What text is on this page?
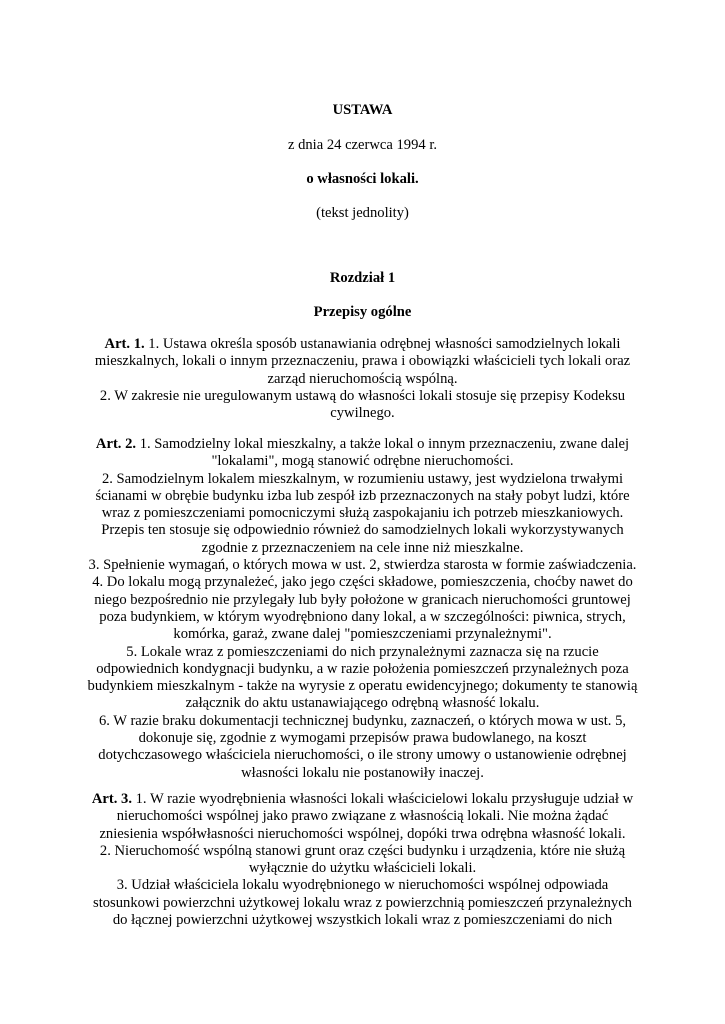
USTAWA
z dnia 24 czerwca 1994 r.
o własności lokali.
(tekst jednolity)
Rozdział 1
Przepisy ogólne
Art. 1. 1. Ustawa określa sposób ustanawiania odrębnej własności samodzielnych lokali
mieszkalnych, lokali o innym przeznaczeniu, prawa i obowiązki właścicieli tych lokali oraz
zarząd nieruchomością wspólną.
2. W zakresie nie uregulowanym ustawą do własności lokali stosuje się przepisy Kodeksu
cywilnego.
Art. 2. 1. Samodzielny lokal mieszkalny, a także lokal o innym przeznaczeniu, zwane dalej
"lokalami", mogą stanowić odrębne nieruchomości.
2. Samodzielnym lokalem mieszkalnym, w rozumieniu ustawy, jest wydzielona trwałymi
ścianami w obrębie budynku izba lub zespół izb przeznaczonych na stały pobyt ludzi, które
wraz z pomieszczeniami pomocniczymi służą zaspokajaniu ich potrzeb mieszkaniowych.
Przepis ten stosuje się odpowiednio również do samodzielnych lokali wykorzystywanych
zgodnie z przeznaczeniem na cele inne niż mieszkalne.
3. Spełnienie wymagań, o których mowa w ust. 2, stwierdza starosta w formie zaświadczenia.
4. Do lokalu mogą przynależeć, jako jego części składowe, pomieszczenia, choćby nawet do
niego bezpośrednio nie przylegały lub były położone w granicach nieruchomości gruntowej
poza budynkiem, w którym wyodrębniono dany lokal, a w szczególności: piwnica, strych,
komórka, garaż, zwane dalej "pomieszczeniami przynależnymi".
5. Lokale wraz z pomieszczeniami do nich przynależnymi zaznacza się na rzucie
odpowiednich kondygnacji budynku, a w razie położenia pomieszczeń przynależnych poza
budynkiem mieszkalnym - także na wyrysie z operatu ewidencyjnego; dokumenty te stanowią
załącznik do aktu ustanawiającego odrębną własność lokalu.
6. W razie braku dokumentacji technicznej budynku, zaznaczeń, o których mowa w ust. 5,
dokonuje się, zgodnie z wymogami przepisów prawa budowlanego, na koszt
dotychczasowego właściciela nieruchomości, o ile strony umowy o ustanowienie odrębnej
własności lokalu nie postanowiły inaczej.
Art. 3. 1. W razie wyodrębnienia własności lokali właścicielowi lokalu przysługuje udział w
nieruchomości wspólnej jako prawo związane z własnością lokali. Nie można żądać
zniesienia współwłasności nieruchomości wspólnej, dopóki trwa odrębna własność lokali.
2. Nieruchomość wspólną stanowi grunt oraz części budynku i urządzenia, które nie służą
wyłącznie do użytku właścicieli lokali.
3. Udział właściciela lokalu wyodrębnionego w nieruchomości wspólnej odpowiada
stosunkowi powierzchni użytkowej lokalu wraz z powierzchnią pomieszczeń przynależnych
do łącznej powierzchni użytkowej wszystkich lokali wraz z pomieszczeniami do nich
